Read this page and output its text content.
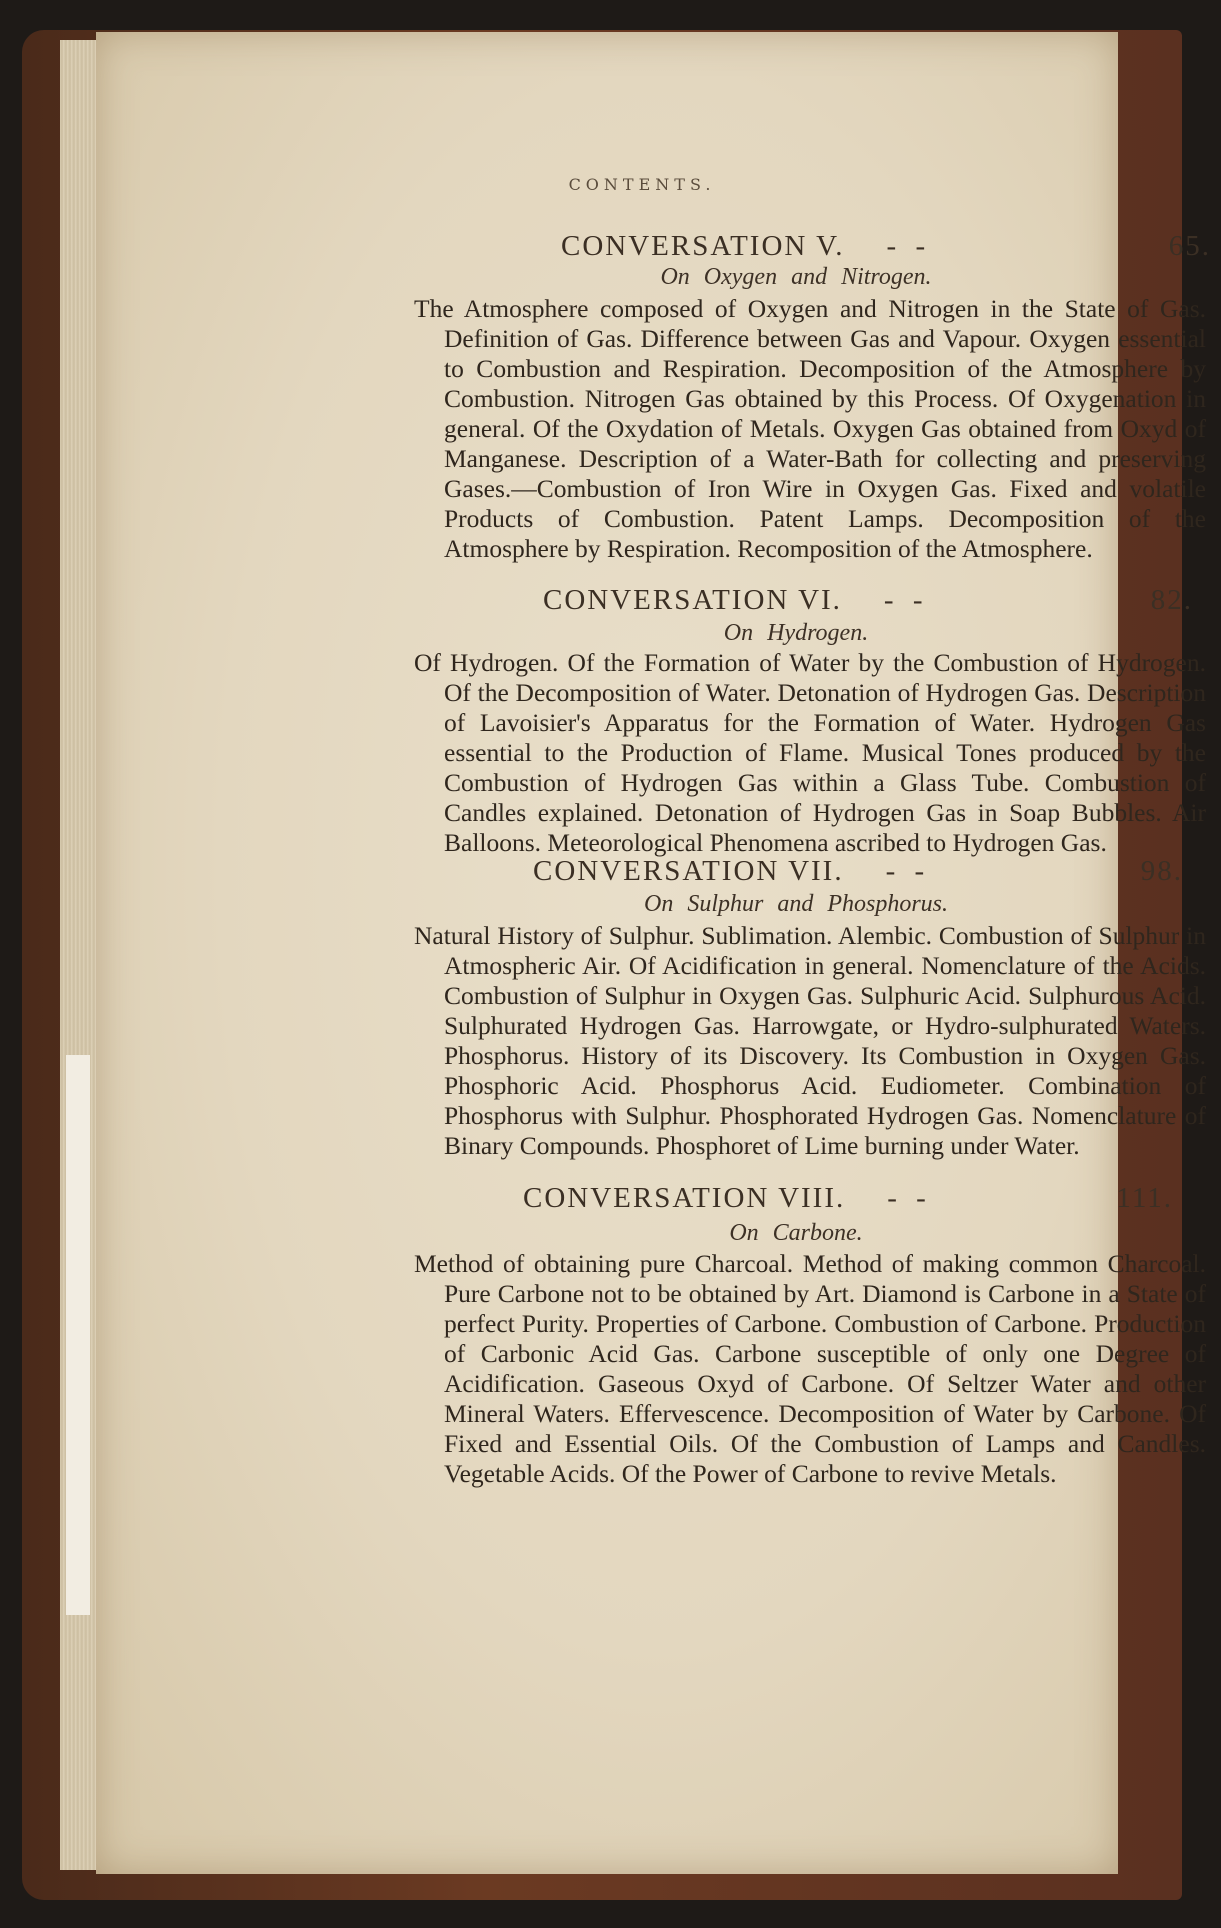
CONTENTS.
CONVERSATION V. - -	65.
On Oxygen and Nitrogen.
The Atmosphere composed of Oxygen and Nitrogen in the State of Gas. Definition of Gas. Difference between Gas and Vapour. Oxygen essential to Combustion and Respiration. Decomposition of the Atmosphere by Combustion. Nitrogen Gas obtained by this Process. Of Oxygenation in general. Of the Oxydation of Metals. Oxygen Gas obtained from Oxyd of Manganese. Description of a Water-Bath for collecting and preserving Gases.—Combustion of Iron Wire in Oxygen Gas. Fixed and volatile Products of Combustion. Patent Lamps. Decomposition of the Atmosphere by Respiration. Recomposition of the Atmosphere.
CONVERSATION VI. - -	82.
On Hydrogen.
Of Hydrogen. Of the Formation of Water by the Combustion of Hydrogen. Of the Decomposition of Water. Detonation of Hydrogen Gas. Description of Lavoisier's Apparatus for the Formation of Water. Hydrogen Gas essential to the Production of Flame. Musical Tones produced by the Combustion of Hydrogen Gas within a Glass Tube. Combustion of Candles explained. Detonation of Hydrogen Gas in Soap Bubbles. Air Balloons. Meteorological Phenomena ascribed to Hydrogen Gas.
CONVERSATION VII. - -	98.
On Sulphur and Phosphorus.
Natural History of Sulphur. Sublimation. Alembic. Combustion of Sulphur in Atmospheric Air. Of Acidification in general. Nomenclature of the Acids. Combustion of Sulphur in Oxygen Gas. Sulphuric Acid. Sulphurous Acid. Sulphurated Hydrogen Gas. Harrowgate, or Hydro-sulphurated Waters. Phosphorus. History of its Discovery. Its Combustion in Oxygen Gas. Phosphoric Acid. Phosphorus Acid. Eudiometer. Combination of Phosphorus with Sulphur. Phosphorated Hydrogen Gas. Nomenclature of Binary Compounds. Phosphoret of Lime burning under Water.
CONVERSATION VIII. - -	111.
On Carbone.
Method of obtaining pure Charcoal. Method of making common Charcoal. Pure Carbone not to be obtained by Art. Diamond is Carbone in a State of perfect Purity. Properties of Carbone. Combustion of Carbone. Production of Carbonic Acid Gas. Carbone susceptible of only one Degree of Acidification. Gaseous Oxyd of Carbone. Of Seltzer Water and other Mineral Waters. Effervescence. Decomposition of Water by Carbone. Of Fixed and Essential Oils. Of the Combustion of Lamps and Candles. Vegetable Acids. Of the Power of Carbone to revive Metals.
